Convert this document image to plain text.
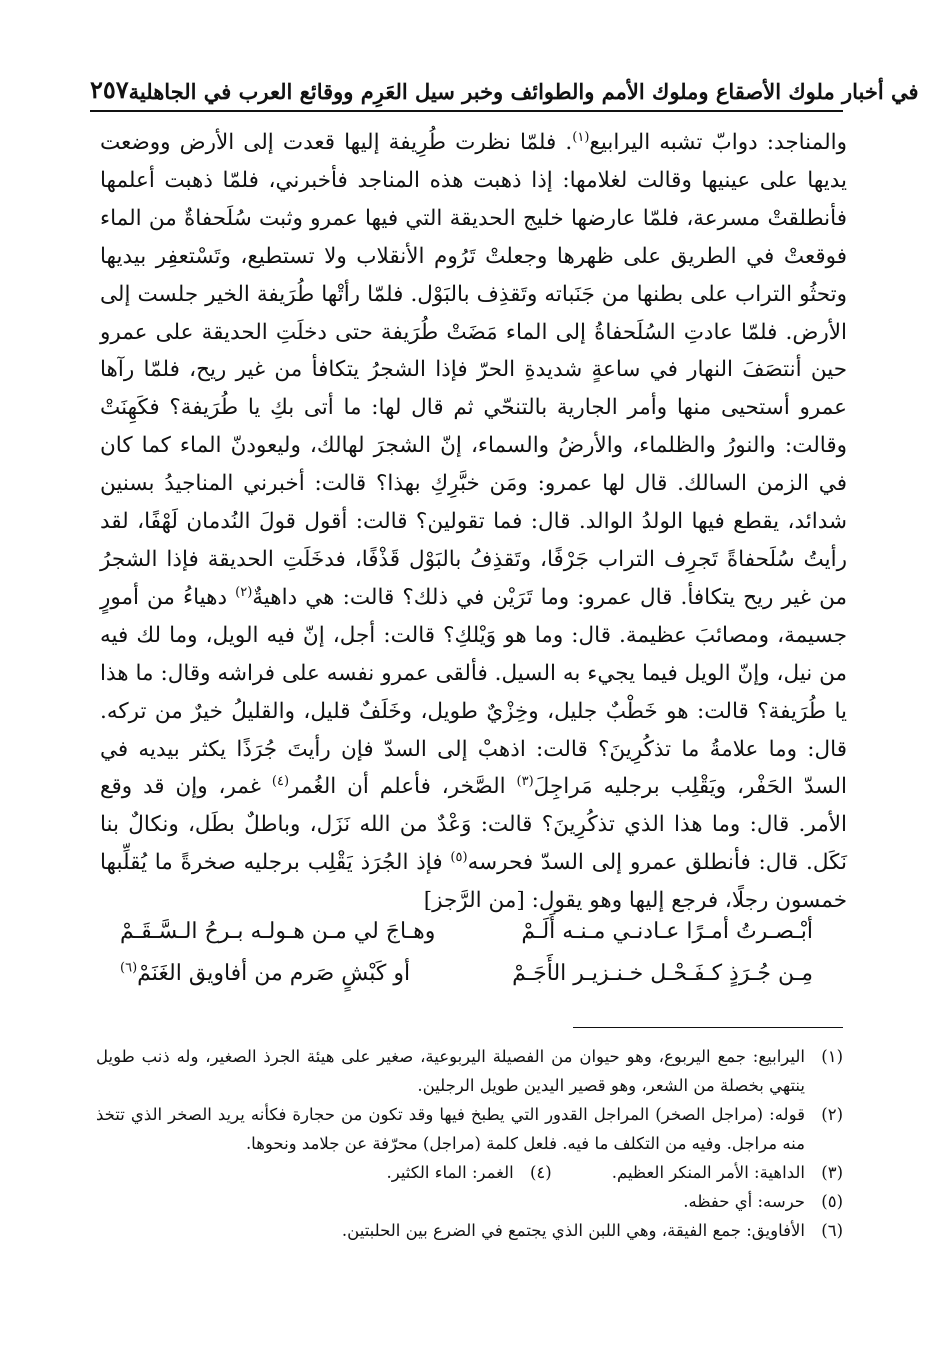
٢٥٧ في أخبار ملوك الأصقاع وملوك الأمم والطوائف وخبر سيل العَرِم ووقائع العرب في الجاهلية

والمناجد: دوابّ تشبه اليرابيع$^{(١)}$. فلمّا نظرت طُرِيفة إليها قعدت إلى الأرض ووضعت يديها على عينيها وقالت لغلامها: إذا ذهبت هذه المناجد فأخبرني، فلمّا ذهبت أعلمها فأنطلقتْ مسرعة، فلمّا عارضها خليج الحديقة التي فيها عمرو وثبت سُلَحفاةٌ من الماء فوقعتْ في الطريق على ظهرها وجعلتْ تَرُوم الأنقلاب ولا تستطيع، وتَسْتعفِر بيديها وتحثُو التراب على بطنها من جَنَباته وتَقذِف بالبَوْل. فلمّا رأتْها طُرَيفة الخير جلست إلى الأرض. فلمّا عادتِ السُلَحفاةُ إلى الماء مَضَتْ طُرَيفة حتى دخلَتِ الحديقة على عمرو حين أنتصَفَ النهار في ساعةٍ شديدةِ الحرّ فإذا الشجرُ يتكافأ من غير ريح، فلمّا رآها عمرو أستحيى منها وأمر الجارية بالتنحّي ثم قال لها: ما أتى بكِ يا طُرَيفة؟ فكَهِنَتْ وقالت: والنورُ والظلماء، والأرضُ والسماء، إنّ الشجرَ لهالك، وليعودنّ الماء كما كان في الزمن السالك. قال لها عمرو: ومَن خبَّرِكِ بهذا؟ قالت: أخبرني المناجيدُ بسنين شدائد، يقطع فيها الولدُ الوالد. قال: فما تقولين؟ قالت: أقول قولَ النُدمان لَهْفًا، لقد رأيتُ سُلَحفاةً تَجرِف التراب جَرْفًا، وتَقذِفُ بالبَوْل قَذْفًا، فدخَلَتِ الحديقة فإذا الشجرُ من غير ريح يتكافأ. قال عمرو: وما تَرَيْن في ذلك؟ قالت: هي داهيةٌ$^{(٢)}$ دهياءُ من أمورٍ جسيمة، ومصائبَ عظيمة. قال: وما هو وَيْلكِ؟ قالت: أجل، إنّ فيه الويل، وما لك فيه من نيل، وإنّ الويل فيما يجيء به السيل. فألقى عمرو نفسه على فراشه وقال: ما هذا يا طُرَيفة؟ قالت: هو خَطْبٌ جليل، وخِزْيٌ طويل، وخَلَفٌ قليل، والقليلُ خيرٌ من تركه. قال: وما علامةُ ما تذكُرِينَ؟ قالت: اذهبْ إلى السدّ فإن رأيتَ جُرَذًا يكثر بيديه في السدّ الحَفْر، ويَقْلِب برجليه مَراجِلَ$^{(٣)}$ الصَّخر، فأعلم أن الغُمر$^{(٤)}$ غمر، وإن قد وقع الأمر. قال: وما هذا الذي تذكُرِينَ؟ قالت: وَعْدٌ من الله نَزَل، وباطلٌ بطَل، ونكالٌ بنا نَكَل. قال: فأنطلق عمرو إلى السدّ فحرسه$^{(٥)}$ فإذ الجُرَذ يَقْلِب برجليه صخرةً ما يُقلِّبها خمسون رجلًا، فرجع إليها وهو يقول: [من الرَّجز]

أبْـصـرتُ أمـرًا عـادنـي مـنـه أَلَـمْ
وهـاجَ لي مـن هـولـه بـرحُ الـسَّـقَـمْ
مِـن جُـرَذٍ كـفَـحْـل خـنـزيـر الأَجَـمْ
أو كَبْشٍ صَرم من أفاويق الغَنَمْ$^{(٦)}$
(١)
اليرابيع: جمع اليربوع، وهو حيوان من الفصيلة اليربوعية، صغير على هيئة الجرذ الصغير، وله ذنب طويل ينتهي بخصلة من الشعر، وهو قصير اليدين طويل الرجلين.
(٢)
قوله: (مراجل الصخر) المراجل القدور التي يطبخ فيها وقد تكون من حجارة فكأنه يريد الصخر الذي تتخذ منه مراجل. وفيه من التكلف ما فيه. فلعل كلمة (مراجل) محرّفة عن جلامد ونحوها.
(٣)
الداهية: الأمر المنكر العظيم.
(٤)
الغمر: الماء الكثير.
(٥)
حرسه: أي حفظه.
(٦)
الأفاويق: جمع الفيقة، وهي اللبن الذي يجتمع في الضرع بين الحلبتين.
